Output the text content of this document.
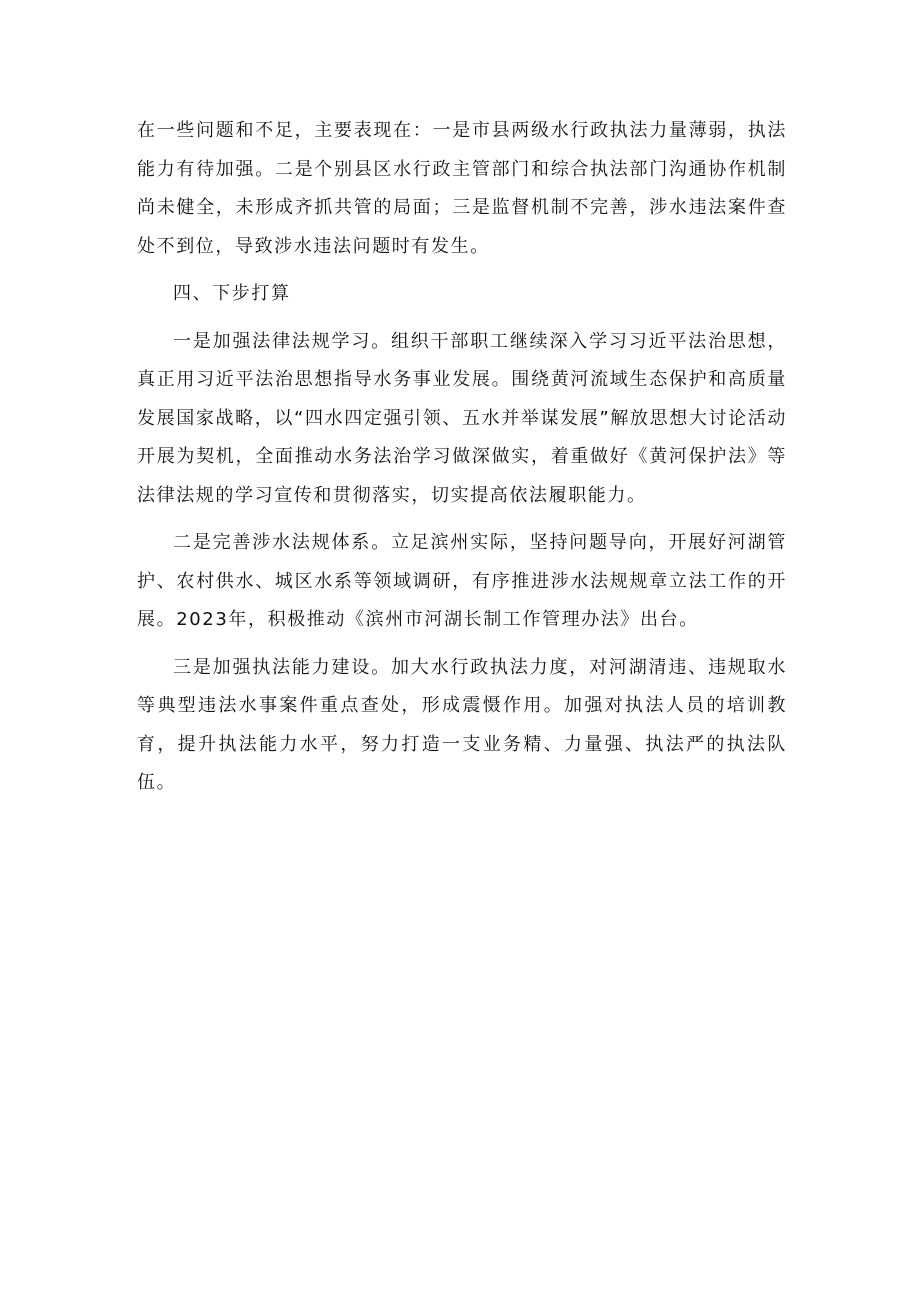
在一些问题和不足，主要表现在：一是市县两级水行政执法力量薄弱，执法能力有待加强。二是个别县区水行政主管部门和综合执法部门沟通协作机制尚未健全，未形成齐抓共管的局面；三是监督机制不完善，涉水违法案件查处不到位，导致涉水违法问题时有发生。

四、下步打算

一是加强法律法规学习。组织干部职工继续深入学习习近平法治思想，真正用习近平法治思想指导水务事业发展。围绕黄河流域生态保护和高质量发展国家战略，以“四水四定强引领、五水并举谋发展”解放思想大讨论活动开展为契机，全面推动水务法治学习做深做实，着重做好《黄河保护法》等法律法规的学习宣传和贯彻落实，切实提高依法履职能力。

二是完善涉水法规体系。立足滨州实际，坚持问题导向，开展好河湖管护、农村供水、城区水系等领域调研，有序推进涉水法规规章立法工作的开展。2023年，积极推动《滨州市河湖长制工作管理办法》出台。

三是加强执法能力建设。加大水行政执法力度，对河湖清违、违规取水等典型违法水事案件重点查处，形成震慑作用。加强对执法人员的培训教育，提升执法能力水平，努力打造一支业务精、力量强、执法严的执法队伍。
